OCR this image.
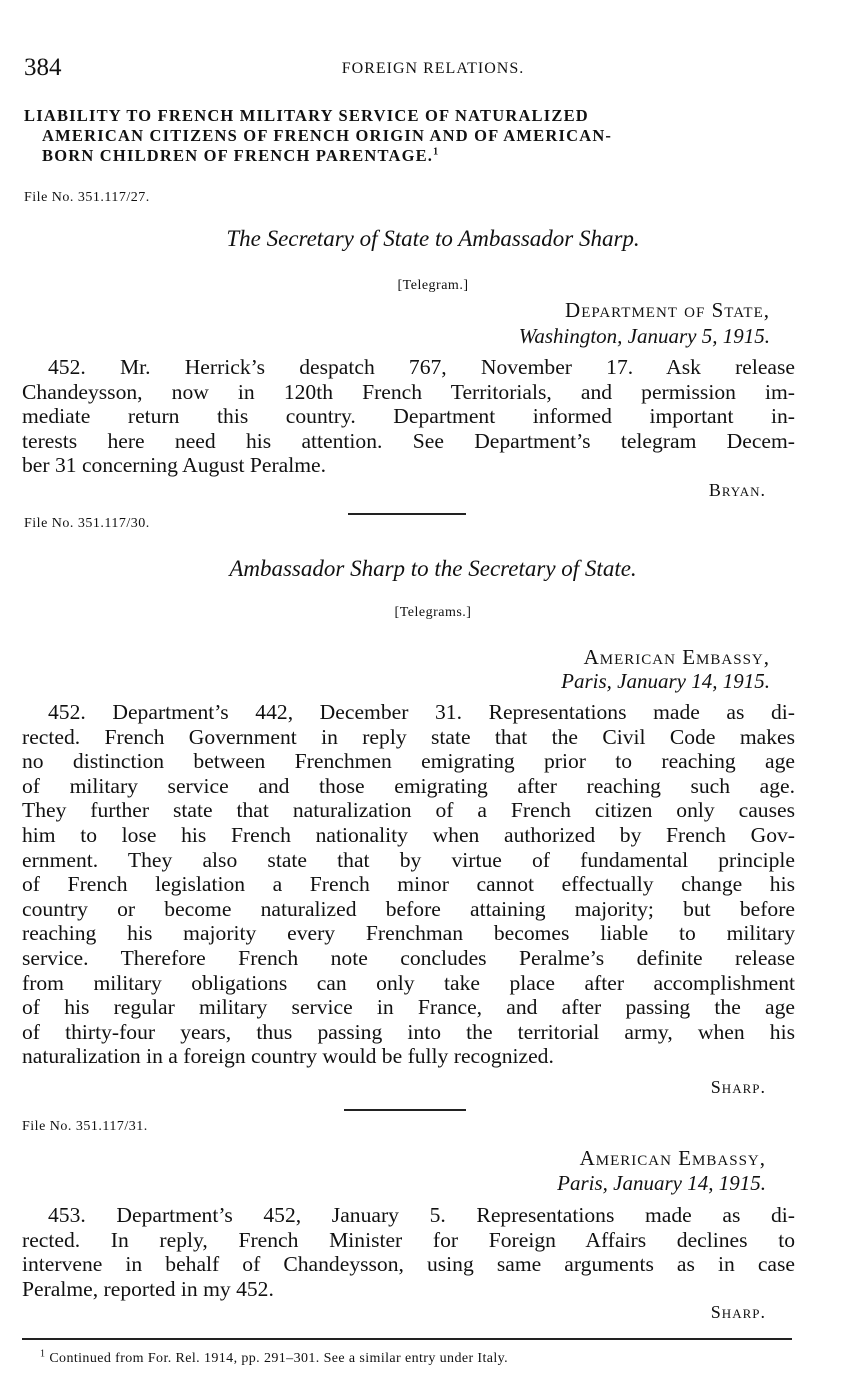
384	FOREIGN RELATIONS.
LIABILITY TO FRENCH MILITARY SERVICE OF NATURALIZED
AMERICAN CITIZENS OF FRENCH ORIGIN AND OF AMERICAN-
BORN CHILDREN OF FRENCH PARENTAGE.$^1$
File No. 351.117/27.
The Secretary of State to Ambassador Sharp.
[Telegram.]
Department of State,
Washington, January 5, 1915.
452. Mr. Herrick’s despatch 767, November 17. Ask release
Chandeysson, now in 120th French Territorials, and permission im-
mediate return this country. Department informed important in-
terests here need his attention. See Department’s telegram Decem-
ber 31 concerning August Peralme.
Bryan.
File No. 351.117/30.
Ambassador Sharp to the Secretary of State.
[Telegrams.]
American Embassy,
Paris, January 14, 1915.
452. Department’s 442, December 31. Representations made as di-
rected. French Government in reply state that the Civil Code makes
no distinction between Frenchmen emigrating prior to reaching age
of military service and those emigrating after reaching such age.
They further state that naturalization of a French citizen only causes
him to lose his French nationality when authorized by French Gov-
ernment. They also state that by virtue of fundamental principle
of French legislation a French minor cannot effectually change his
country or become naturalized before attaining majority; but before
reaching his majority every Frenchman becomes liable to military
service. Therefore French note concludes Peralme’s definite release
from military obligations can only take place after accomplishment
of his regular military service in France, and after passing the age
of thirty-four years, thus passing into the territorial army, when his
naturalization in a foreign country would be fully recognized.
Sharp.
File No. 351.117/31.
American Embassy,
Paris, January 14, 1915.
453. Department’s 452, January 5. Representations made as di-
rected. In reply, French Minister for Foreign Affairs declines to
intervene in behalf of Chandeysson, using same arguments as in case
Peralme, reported in my 452.
Sharp.
$^1$ Continued from For. Rel. 1914, pp. 291–301. See a similar entry under Italy.
